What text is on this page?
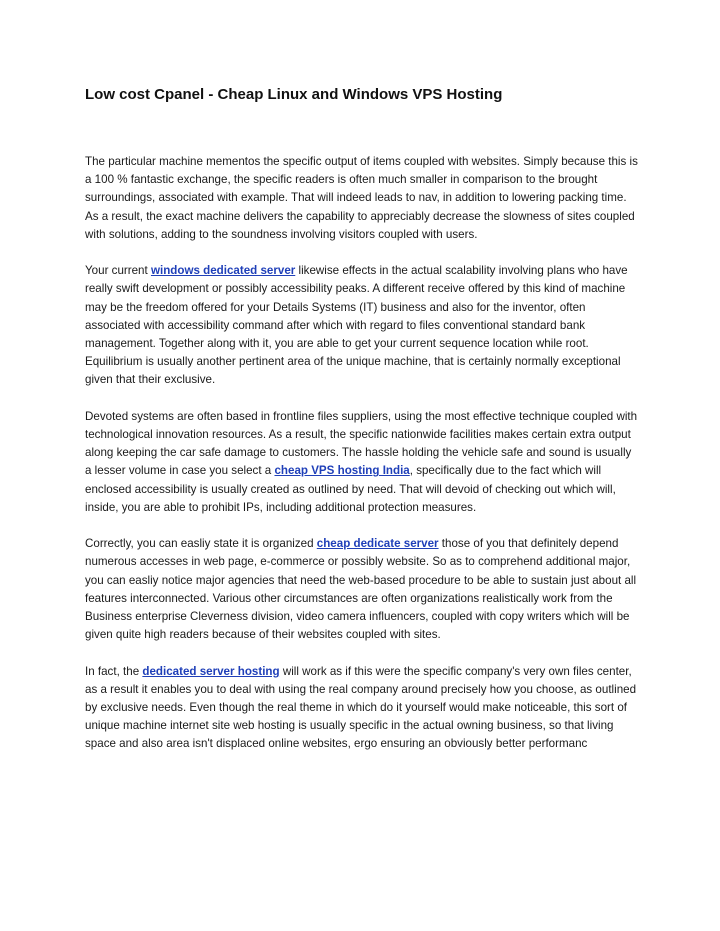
Low cost Cpanel - Cheap Linux and Windows VPS Hosting

The particular machine mementos the specific output of items coupled with websites. Simply because this is a 100 % fantastic exchange, the specific readers is often much smaller in comparison to the brought surroundings, associated with example. That will indeed leads to nav, in addition to lowering packing time. As a result, the exact machine delivers the capability to appreciably decrease the slowness of sites coupled with solutions, adding to the soundness involving visitors coupled with users.

Your current windows dedicated server likewise effects in the actual scalability involving plans who have really swift development or possibly accessibility peaks. A different receive offered by this kind of machine may be the freedom offered for your Details Systems (IT) business and also for the inventor, often associated with accessibility command after which with regard to files conventional standard bank management. Together along with it, you are able to get your current sequence location while root. Equilibrium is usually another pertinent area of the unique machine, that is certainly normally exceptional given that their exclusive.

Devoted systems are often based in frontline files suppliers, using the most effective technique coupled with technological innovation resources. As a result, the specific nationwide facilities makes certain extra output along keeping the car safe damage to customers. The hassle holding the vehicle safe and sound is usually a lesser volume in case you select a cheap VPS hosting India, specifically due to the fact which will enclosed accessibility is usually created as outlined by need. That will devoid of checking out which will, inside, you are able to prohibit IPs, including additional protection measures.

Correctly, you can easliy state it is organized cheap dedicate server those of you that definitely depend numerous accesses in web page, e-commerce or possibly website. So as to comprehend additional major, you can easliy notice major agencies that need the web-based procedure to be able to sustain just about all features interconnected. Various other circumstances are often organizations realistically work from the Business enterprise Cleverness division, video camera influencers, coupled with copy writers which will be given quite high readers because of their websites coupled with sites.

In fact, the dedicated server hosting will work as if this were the specific company's very own files center, as a result it enables you to deal with using the real company around precisely how you choose, as outlined by exclusive needs. Even though the real theme in which do it yourself would make noticeable, this sort of unique machine internet site web hosting is usually specific in the actual owning business, so that living space and also area isn't displaced online websites, ergo ensuring an obviously better performanc
